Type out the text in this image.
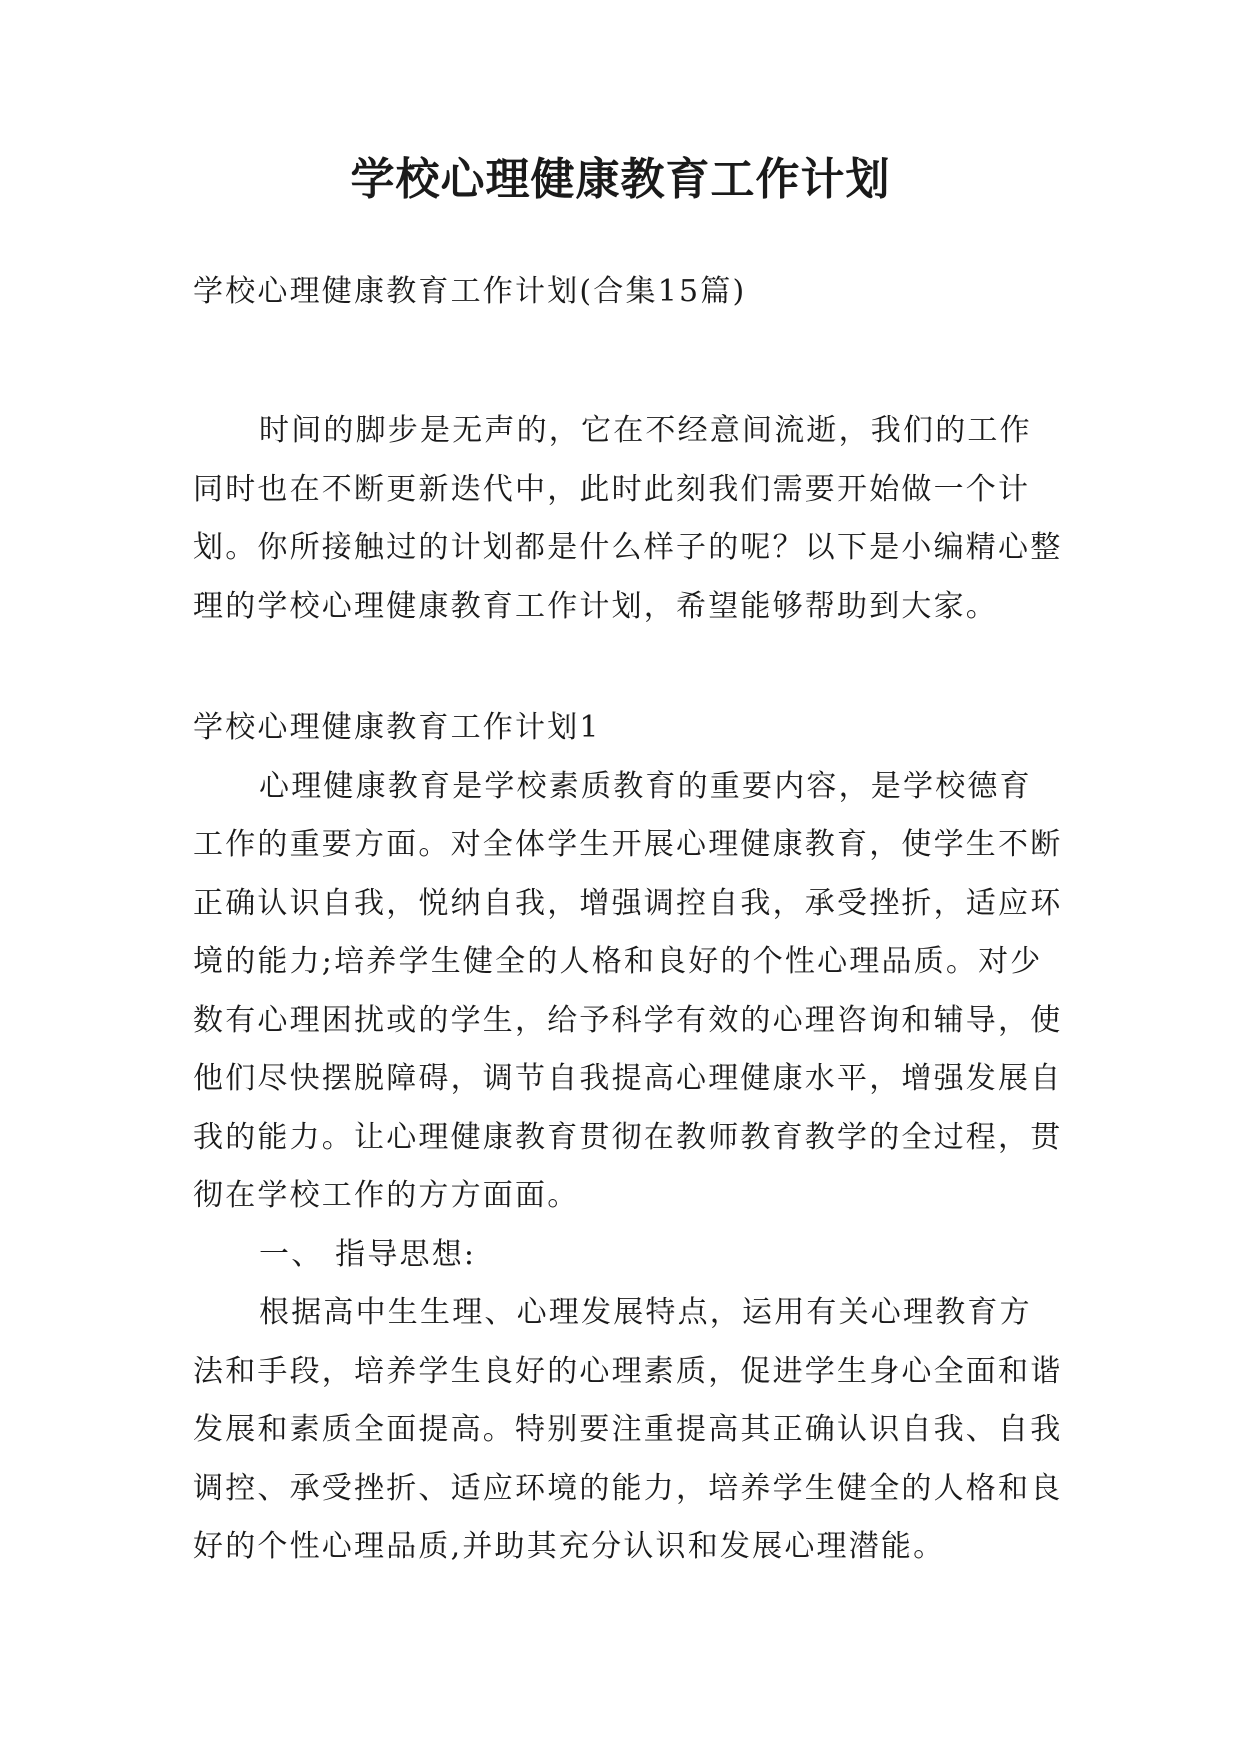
学校心理健康教育工作计划

学校心理健康教育工作计划(合集15篇)

时间的脚步是无声的，它在不经意间流逝，我们的工作同时也在不断更新迭代中，此时此刻我们需要开始做一个计划。你所接触过的计划都是什么样子的呢？以下是小编精心整理的学校心理健康教育工作计划，希望能够帮助到大家。

学校心理健康教育工作计划1

心理健康教育是学校素质教育的重要内容，是学校德育工作的重要方面。对全体学生开展心理健康教育，使学生不断正确认识自我，悦纳自我，增强调控自我，承受挫折，适应环境的能力;培养学生健全的人格和良好的个性心理品质。对少数有心理困扰或的学生，给予科学有效的心理咨询和辅导，使他们尽快摆脱障碍，调节自我提高心理健康水平，增强发展自我的能力。让心理健康教育贯彻在教师教育教学的全过程，贯彻在学校工作的方方面面。

一、 指导思想:

根据高中生生理、心理发展特点，运用有关心理教育方法和手段，培养学生良好的心理素质，促进学生身心全面和谐发展和素质全面提高。特别要注重提高其正确认识自我、自我调控、承受挫折、适应环境的能力，培养学生健全的人格和良好的个性心理品质,并助其充分认识和发展心理潜能。
